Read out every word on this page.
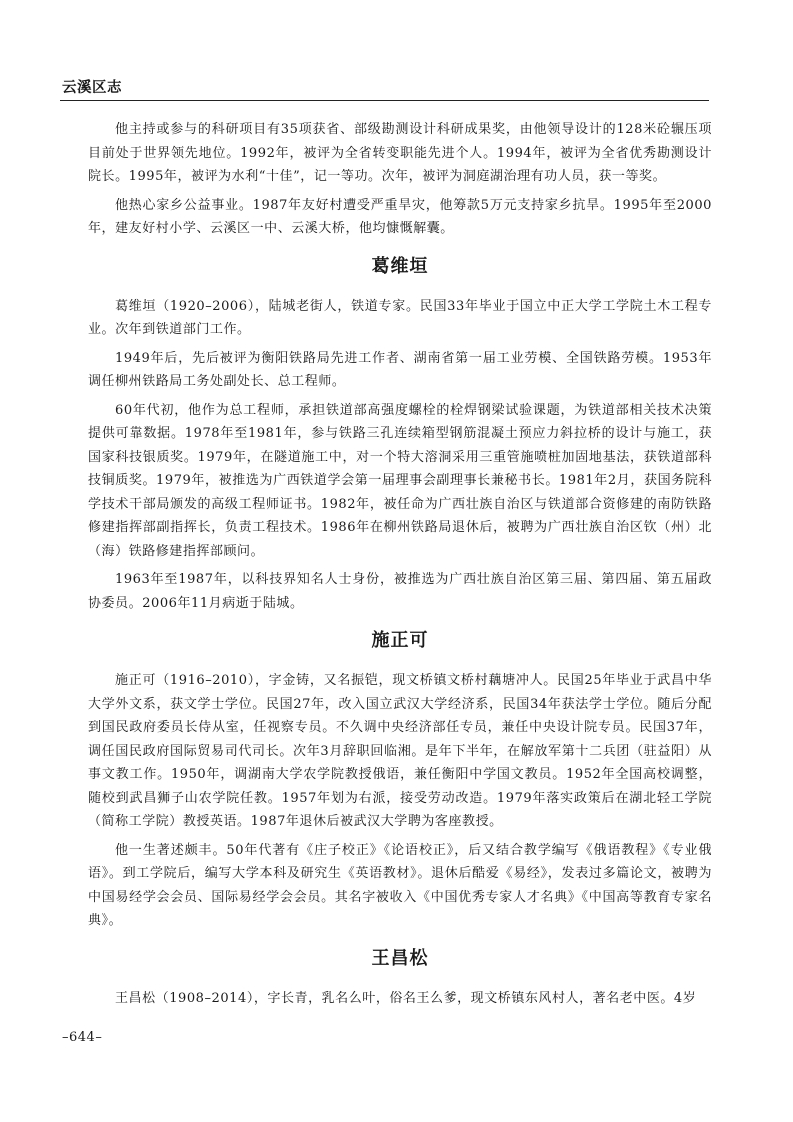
云溪区志

他主持或参与的科研项目有35项获省、部级勘测设计科研成果奖，由他领导设计的128米砼辗压项目前处于世界领先地位。1992年，被评为全省转变职能先进个人。1994年，被评为全省优秀勘测设计院长。1995年，被评为水利“十佳”，记一等功。次年，被评为洞庭湖治理有功人员，获一等奖。

他热心家乡公益事业。1987年友好村遭受严重旱灾，他筹款5万元支持家乡抗旱。1995年至2000年，建友好村小学、云溪区一中、云溪大桥，他均慷慨解囊。

葛维垣

葛维垣（1920–2006），陆城老街人，铁道专家。民国33年毕业于国立中正大学工学院土木工程专业。次年到铁道部门工作。

1949年后，先后被评为衡阳铁路局先进工作者、湖南省第一届工业劳模、全国铁路劳模。1953年调任柳州铁路局工务处副处长、总工程师。

60年代初，他作为总工程师，承担铁道部高强度螺栓的栓焊钢梁试验课题，为铁道部相关技术决策提供可靠数据。1978年至1981年，参与铁路三孔连续箱型钢筋混凝土预应力斜拉桥的设计与施工，获国家科技银质奖。1979年，在隧道施工中，对一个特大溶洞采用三重管施喷桩加固地基法，获铁道部科技铜质奖。1979年，被推选为广西铁道学会第一届理事会副理事长兼秘书长。1981年2月，获国务院科学技术干部局颁发的高级工程师证书。1982年，被任命为广西壮族自治区与铁道部合资修建的南防铁路修建指挥部副指挥长，负责工程技术。1986年在柳州铁路局退休后，被聘为广西壮族自治区钦（州）北（海）铁路修建指挥部顾问。

1963年至1987年，以科技界知名人士身份，被推选为广西壮族自治区第三届、第四届、第五届政协委员。2006年11月病逝于陆城。

施正可

施正可（1916–2010），字金铸，又名振铠，现文桥镇文桥村藕塘冲人。民国25年毕业于武昌中华大学外文系，获文学士学位。民国27年，改入国立武汉大学经济系，民国34年获法学士学位。随后分配到国民政府委员长侍从室，任视察专员。不久调中央经济部任专员，兼任中央设计院专员。民国37年，调任国民政府国际贸易司代司长。次年3月辞职回临湘。是年下半年，在解放军第十二兵团（驻益阳）从事文教工作。1950年，调湖南大学农学院教授俄语，兼任衡阳中学国文教员。1952年全国高校调整，随校到武昌狮子山农学院任教。1957年划为右派，接受劳动改造。1979年落实政策后在湖北轻工学院（简称工学院）教授英语。1987年退休后被武汉大学聘为客座教授。

他一生著述颇丰。50年代著有《庄子校正》《论语校正》，后又结合教学编写《俄语教程》《专业俄语》。到工学院后，编写大学本科及研究生《英语教材》。退休后酷爱《易经》，发表过多篇论文，被聘为中国易经学会会员、国际易经学会会员。其名字被收入《中国优秀专家人才名典》《中国高等教育专家名典》。

王昌松

王昌松（1908–2014），字长青，乳名么叶，俗名王么爹，现文桥镇东风村人，著名老中医。4岁

–644–
